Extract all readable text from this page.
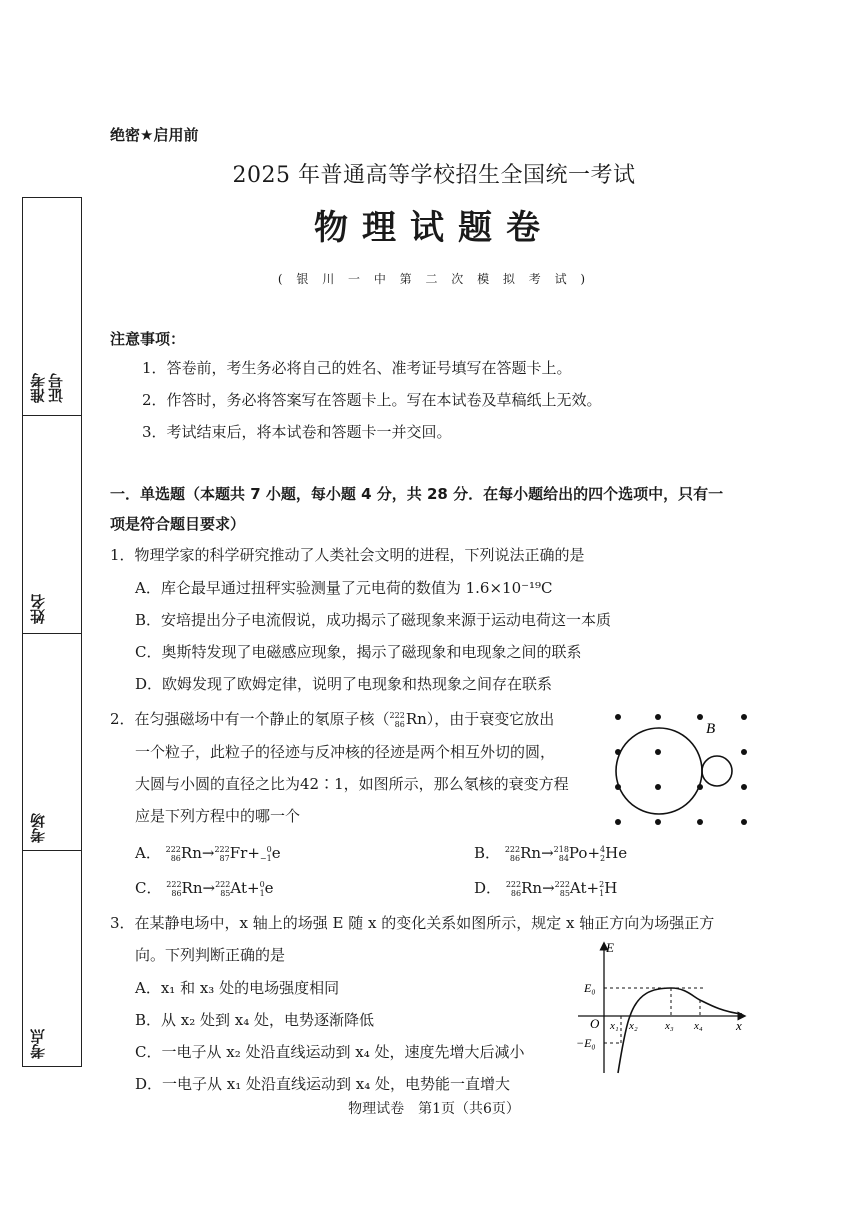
绝密★启用前
2025 年普通高等学校招生全国统一考试
物理试题卷
( 银 川 一 中 第 二 次 模 拟 考 试 )
准考证号
姓名
考场
考点
注意事项：
1．答卷前，考生务必将自己的姓名、准考证号填写在答题卡上。
2．作答时，务必将答案写在答题卡上。写在本试卷及草稿纸上无效。
3．考试结束后，将本试卷和答题卡一并交回。
一．单选题（本题共 7 小题，每小题 4 分，共 28 分．在每小题给出的四个选项中，只有一
项是符合题目要求）
1．物理学家的科学研究推动了人类社会文明的进程，下列说法正确的是
A．库仑最早通过扭秤实验测量了元电荷的数值为 1.6×10⁻¹⁹C
B．安培提出分子电流假说，成功揭示了磁现象来源于运动电荷这一本质
C．奥斯特发现了电磁感应现象，揭示了磁现象和电现象之间的联系
D．欧姆发现了欧姆定律，说明了电现象和热现象之间存在联系
2．在匀强磁场中有一个静止的氡原子核（ 222
86 Rn），由于衰变它放出
一个粒子，此粒子的径迹与反冲核的径迹是两个相互外切的圆，
大圆与小圆的直径之比为42∶1，如图所示，那么氡核的衰变方程
应是下列方程中的哪一个
B
A． 222
86 Rn→ 222
87 Fr+ 0
−1 e	B． 222
86 Rn→ 218
84 Po+ 4
2 He
C． 222
86 Rn→ 222
85 At+ 0
1 e	D． 222
86 Rn→ 222
85 At+ 2
1 H
3．在某静电场中，x 轴上的场强 E 随 x 的变化关系如图所示，规定 x 轴正方向为场强正方
向。下列判断正确的是
A．x₁ 和 x₃ 处的电场强度相同
B．从 x₂ 处到 x₄ 处，电势逐渐降低
C．一电子从 x₂ 处沿直线运动到 x₄ 处，速度先增大后减小
D．一电子从 x₁ 处沿直线运动到 x₄ 处，电势能一直增大
E
x
O
E₀
−E₀
x₁ x₂ x₃ x₄
物理试卷　第1页（共6页）
